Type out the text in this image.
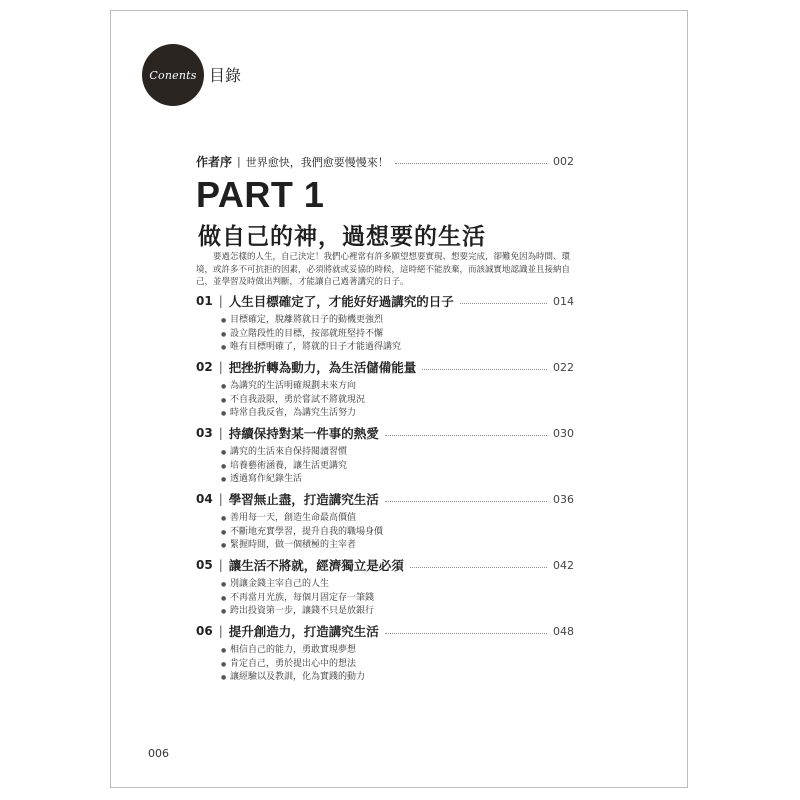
Conents 目錄
作者序 | 世界愈快，我們愈要慢慢來！	002
PART 1
做自己的神，過想要的生活
要過怎樣的人生，自己決定！我們心裡常有許多願望想要實現、想要完成，卻難免因為時間、環境，或許多不可抗拒的因素，必須將就或妥協的時候，這時絕不能放棄，而該誠實地認識並且接納自己，並學習及時做出判斷，才能讓自己過著講究的日子。
01 | 人生目標確定了，才能好好過講究的日子	014
● 目標確定，脫離將就日子的動機更強烈
● 設立階段性的目標，按部就班堅持不懈
● 唯有目標明確了，將就的日子才能過得講究
02 | 把挫折轉為動力，為生活儲備能量	022
● 為講究的生活明確規劃未來方向
● 不自我設限，勇於嘗試不將就現況
● 時常自我反省，為講究生活努力
03 | 持續保持對某一件事的熱愛	030
● 講究的生活來自保持閱讀習慣
● 培養藝術涵養，讓生活更講究
● 透過寫作紀錄生活
04 | 學習無止盡，打造講究生活	036
● 善用每一天，創造生命最高價值
● 不斷地充實學習，提升自我的職場身價
● 緊握時間，做一個積極的主宰者
05 | 讓生活不將就，經濟獨立是必須	042
● 別讓金錢主宰自己的人生
● 不再當月光族，每個月固定存一筆錢
● 跨出投資第一步，讓錢不只是放銀行
06 | 提升創造力，打造講究生活	048
● 相信自己的能力，勇敢實現夢想
● 肯定自己，勇於提出心中的想法
● 讓經驗以及教訓，化為實踐的動力
006
